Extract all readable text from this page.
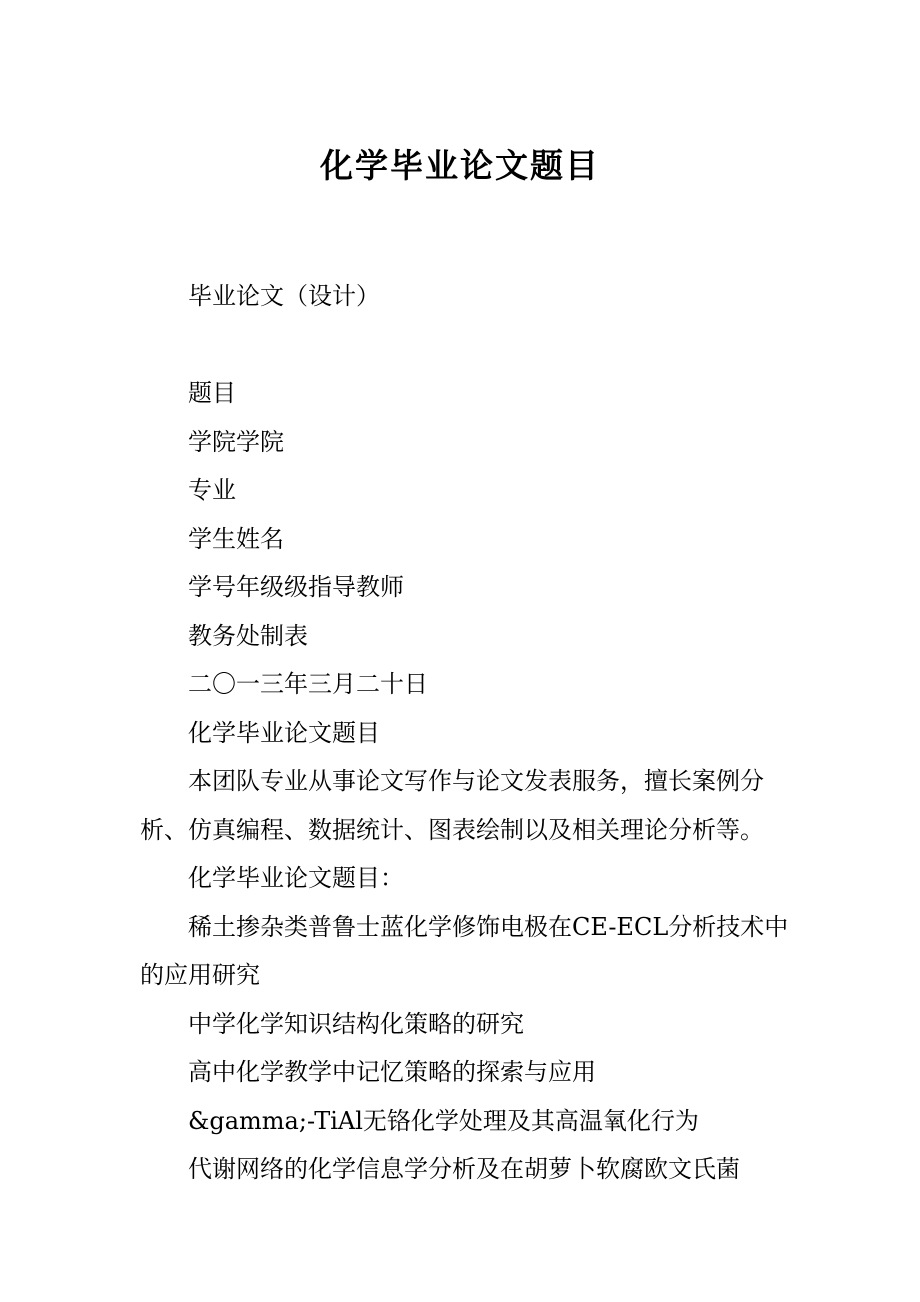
化学毕业论文题目

毕业论文（设计）

题目

学院学院

专业

学生姓名

学号年级级指导教师

教务处制表

二〇一三年三月二十日

化学毕业论文题目

本团队专业从事论文写作与论文发表服务，擅长案例分析、仿真编程、数据统计、图表绘制以及相关理论分析等。

化学毕业论文题目：

稀土掺杂类普鲁士蓝化学修饰电极在CE-ECL分析技术中的应用研究

中学化学知识结构化策略的研究

高中化学教学中记忆策略的探索与应用

&gamma;-TiAl无铬化学处理及其高温氧化行为

代谢网络的化学信息学分析及在胡萝卜软腐欧文氏菌
